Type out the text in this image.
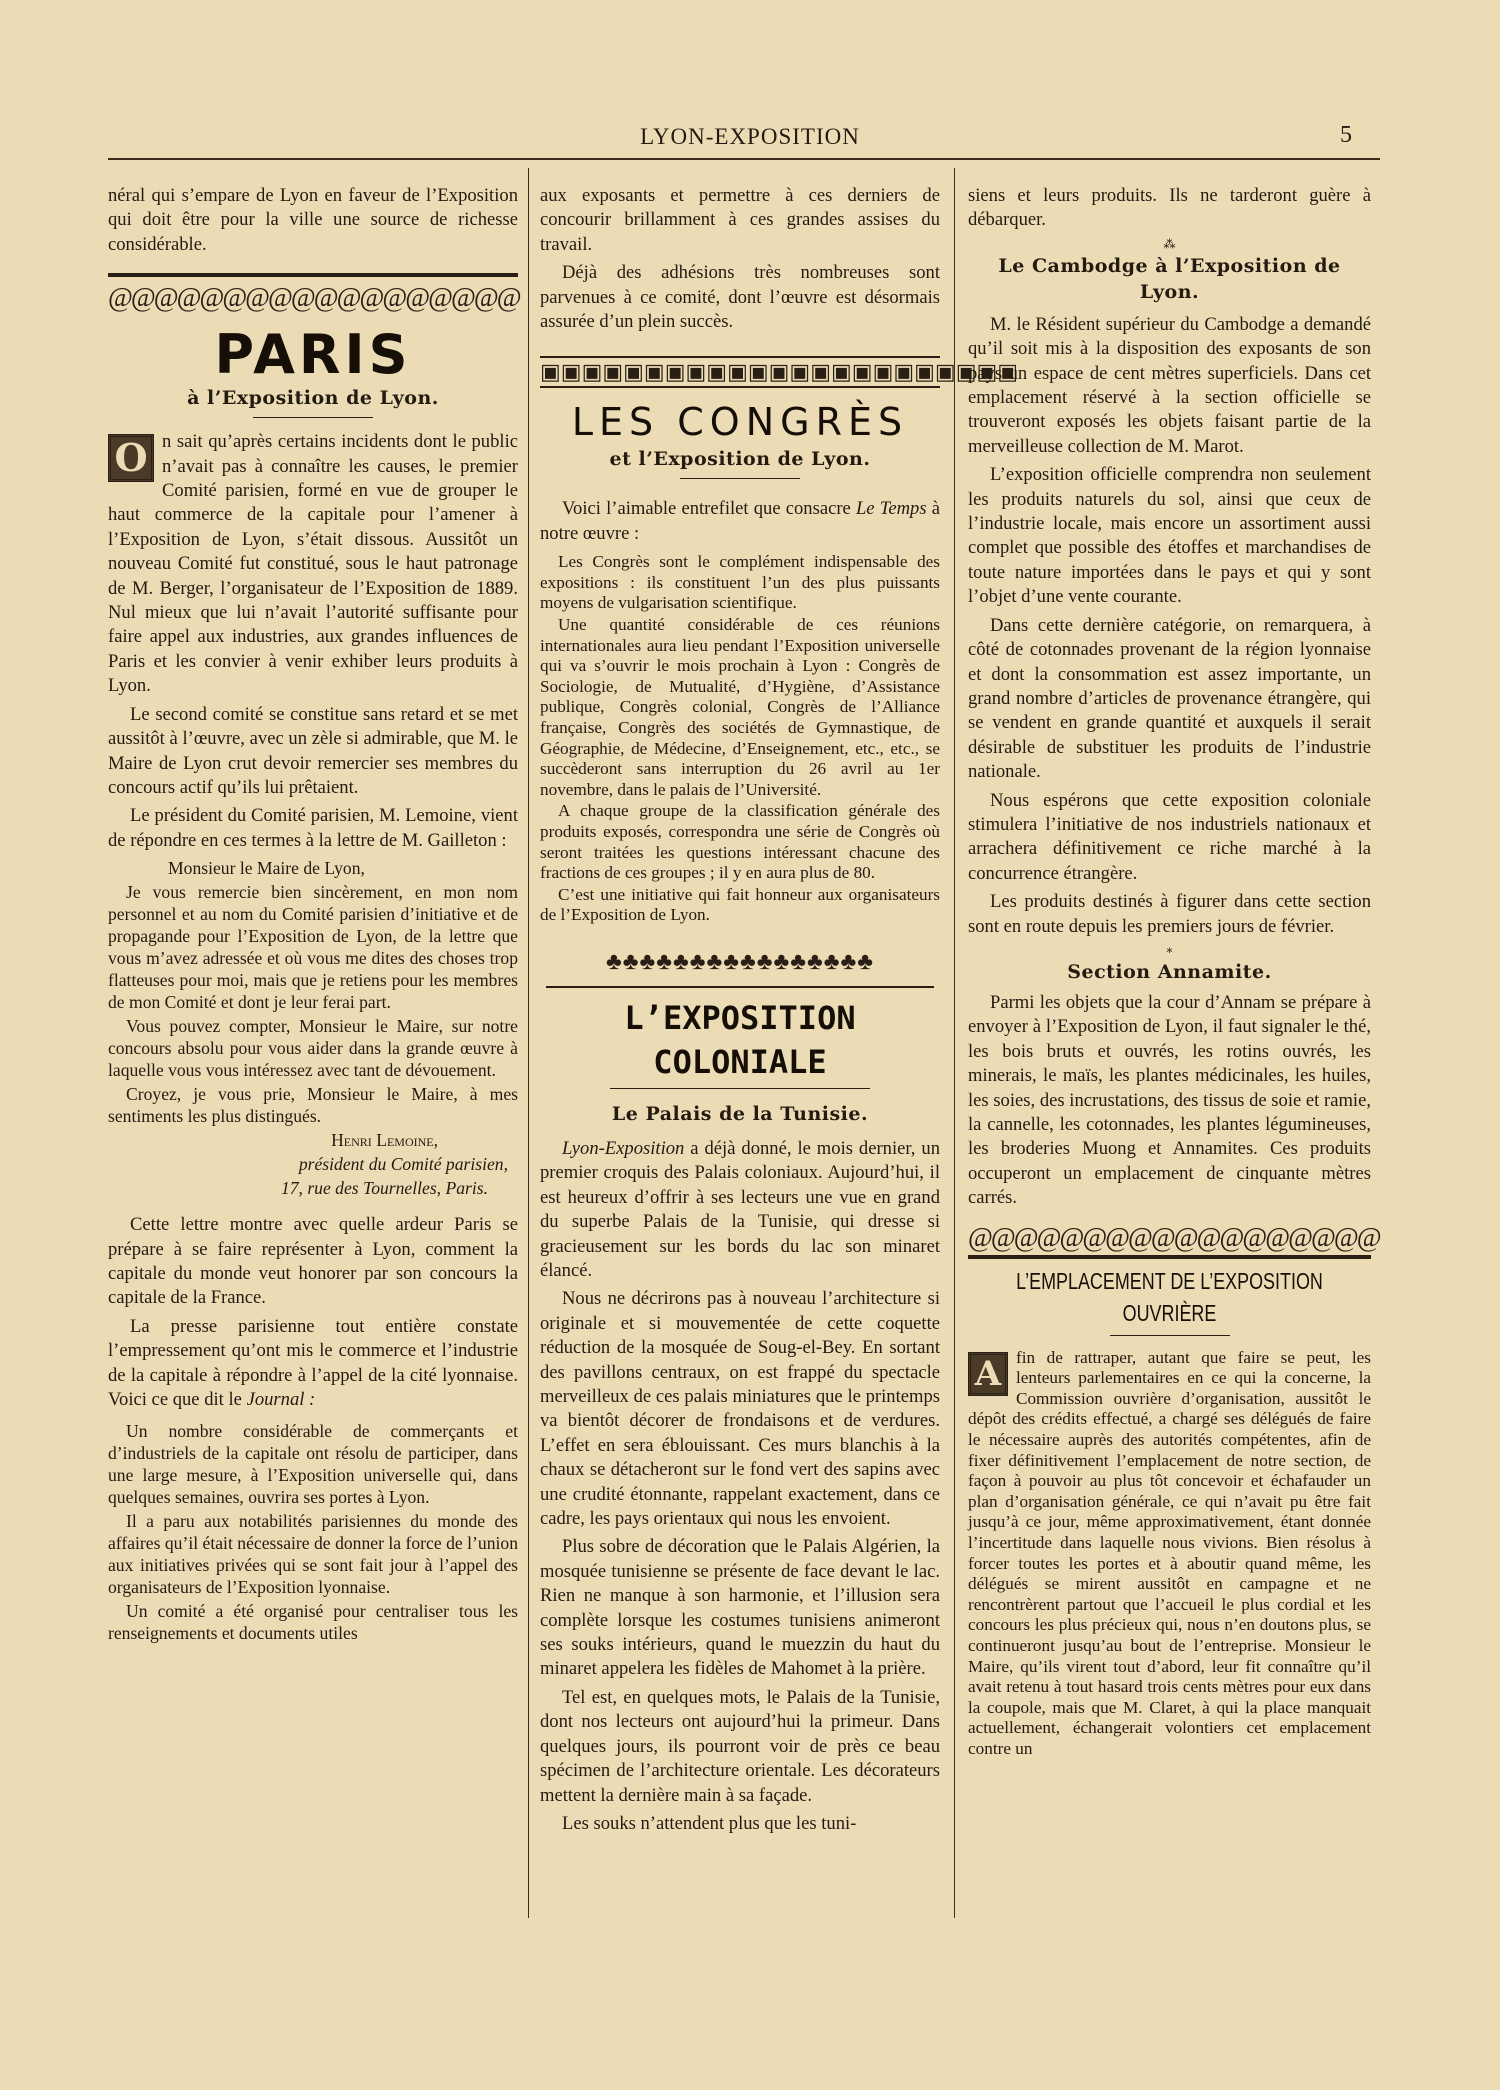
LYON-EXPOSITION	5

néral qui s’empare de Lyon en faveur de l’Exposition qui doit être pour la ville une source de richesse considérable.

@@@@@@@@@@@@@@@@@@
PARIS
à l’Exposition de Lyon.

O n sait qu’après certains incidents dont le public n’avait pas à connaître les causes, le premier Comité parisien, formé en vue de grouper le haut commerce de la capitale pour l’amener à l’Exposition de Lyon, s’était dissous. Aussitôt un nouveau Comité fut constitué, sous le haut patronage de M. Berger, l’organisateur de l’Exposition de 1889. Nul mieux que lui n’avait l’autorité suffisante pour faire appel aux industries, aux grandes influences de Paris et les convier à venir exhiber leurs produits à Lyon.

Le second comité se constitue sans retard et se met aussitôt à l’œuvre, avec un zèle si admirable, que M. le Maire de Lyon crut devoir remercier ses membres du concours actif qu’ils lui prêtaient.

Le président du Comité parisien, M. Lemoine, vient de répondre en ces termes à la lettre de M. Gailleton :

Monsieur le Maire de Lyon,

Je vous remercie bien sincèrement, en mon nom personnel et au nom du Comité parisien d’initiative et de propagande pour l’Exposition de Lyon, de la lettre que vous m’avez adressée et où vous me dites des choses trop flatteuses pour moi, mais que je retiens pour les membres de mon Comité et dont je leur ferai part.

Vous pouvez compter, Monsieur le Maire, sur notre concours absolu pour vous aider dans la grande œuvre à laquelle vous vous intéressez avec tant de dévouement.

Croyez, je vous prie, Monsieur le Maire, à mes sentiments les plus distingués.

Henri Lemoine,

président du Comité parisien,

17, rue des Tournelles, Paris.

Cette lettre montre avec quelle ardeur Paris se prépare à se faire représenter à Lyon, comment la capitale du monde veut honorer par son concours la capitale de la France.

La presse parisienne tout entière constate l’empressement qu’ont mis le commerce et l’industrie de la capitale à répondre à l’appel de la cité lyonnaise. Voici ce que dit le Journal :

Un nombre considérable de commerçants et d’industriels de la capitale ont résolu de participer, dans une large mesure, à l’Exposition universelle qui, dans quelques semaines, ouvrira ses portes à Lyon.

Il a paru aux notabilités parisiennes du monde des affaires qu’il était nécessaire de donner la force de l’union aux initiatives privées qui se sont fait jour à l’appel des organisateurs de l’Exposition lyonnaise.

Un comité a été organisé pour centraliser tous les renseignements et documents utiles

aux exposants et permettre à ces derniers de concourir brillamment à ces grandes assises du travail.

Déjà des adhésions très nombreuses sont parvenues à ce comité, dont l’œuvre est désormais assurée d’un plein succès.

▣▣▣▣▣▣▣▣▣▣▣▣▣▣▣▣▣▣▣▣▣▣▣
LES CONGRÈS
et l’Exposition de Lyon.

Voici l’aimable entrefilet que consacre Le Temps à notre œuvre :

Les Congrès sont le complément indispensable des expositions : ils constituent l’un des plus puissants moyens de vulgarisation scientifique.

Une quantité considérable de ces réunions internationales aura lieu pendant l’Exposition universelle qui va s’ouvrir le mois prochain à Lyon : Congrès de Sociologie, de Mutualité, d’Hygiène, d’Assistance publique, Congrès colonial, Congrès de l’Alliance française, Congrès des sociétés de Gymnastique, de Géographie, de Médecine, d’Enseignement, etc., etc., se succèderont sans interruption du 26 avril au 1er novembre, dans le palais de l’Université.

A chaque groupe de la classification générale des produits exposés, correspondra une série de Congrès où seront traitées les questions intéressant chacune des fractions de ces groupes ; il y en aura plus de 80.

C’est une initiative qui fait honneur aux organisateurs de l’Exposition de Lyon.

♣♣♣♣♣♣♣♣♣♣♣♣♣♣♣♣
L’EXPOSITION COLONIALE
Le Palais de la Tunisie.

Lyon-Exposition a déjà donné, le mois dernier, un premier croquis des Palais coloniaux. Aujourd’hui, il est heureux d’offrir à ses lecteurs une vue en grand du superbe Palais de la Tunisie, qui dresse si gracieusement sur les bords du lac son minaret élancé.

Nous ne décrirons pas à nouveau l’architecture si originale et si mouvementée de cette coquette réduction de la mosquée de Soug-el-Bey. En sortant des pavillons centraux, on est frappé du spectacle merveilleux de ces palais miniatures que le printemps va bientôt décorer de frondaisons et de verdures. L’effet en sera éblouissant. Ces murs blanchis à la chaux se détacheront sur le fond vert des sapins avec une crudité étonnante, rappelant exactement, dans ce cadre, les pays orientaux qui nous les envoient.

Plus sobre de décoration que le Palais Algérien, la mosquée tunisienne se présente de face devant le lac. Rien ne manque à son harmonie, et l’illusion sera complète lorsque les costumes tunisiens animeront ses souks intérieurs, quand le muezzin du haut du minaret appelera les fidèles de Mahomet à la prière.

Tel est, en quelques mots, le Palais de la Tunisie, dont nos lecteurs ont aujourd’hui la primeur. Dans quelques jours, ils pourront voir de près ce beau spécimen de l’architecture orientale. Les décorateurs mettent la dernière main à sa façade.

Les souks n’attendent plus que les tuni-

siens et leurs produits. Ils ne tarderont guère à débarquer.

⁂
Le Cambodge à l’Exposition de Lyon.

M. le Résident supérieur du Cambodge a demandé qu’il soit mis à la disposition des exposants de son pays un espace de cent mètres superficiels. Dans cet emplacement réservé à la section officielle se trouveront exposés les objets faisant partie de la merveilleuse collection de M. Marot.

L’exposition officielle comprendra non seulement les produits naturels du sol, ainsi que ceux de l’industrie locale, mais encore un assortiment aussi complet que possible des étoffes et marchandises de toute nature importées dans le pays et qui y sont l’objet d’une vente courante.

Dans cette dernière catégorie, on remarquera, à côté de cotonnades provenant de la région lyonnaise et dont la consommation est assez importante, un grand nombre d’articles de provenance étrangère, qui se vendent en grande quantité et auxquels il serait désirable de substituer les produits de l’industrie nationale.

Nous espérons que cette exposition coloniale stimulera l’initiative de nos industriels nationaux et arrachera définitivement ce riche marché à la concurrence étrangère.

Les produits destinés à figurer dans cette section sont en route depuis les premiers jours de février.

∗
Section Annamite.

Parmi les objets que la cour d’Annam se prépare à envoyer à l’Exposition de Lyon, il faut signaler le thé, les bois bruts et ouvrés, les rotins ouvrés, les minerais, le maïs, les plantes médicinales, les huiles, les soies, des incrustations, des tissus de soie et ramie, la cannelle, les cotonnades, les plantes légumineuses, les broderies Muong et Annamites. Ces produits occuperont un emplacement de cinquante mètres carrés.

@@@@@@@@@@@@@@@@@@
L’EMPLACEMENT DE L’EXPOSITION OUVRIÈRE

A fin de rattraper, autant que faire se peut, les lenteurs parlementaires en ce qui la concerne, la Commission ouvrière d’organisation, aussitôt le dépôt des crédits effectué, a chargé ses délégués de faire le nécessaire auprès des autorités compétentes, afin de fixer définitivement l’emplacement de notre section, de façon à pouvoir au plus tôt concevoir et échafauder un plan d’organisation générale, ce qui n’avait pu être fait jusqu’à ce jour, même approximativement, étant donnée l’incertitude dans laquelle nous vivions. Bien résolus à forcer toutes les portes et à aboutir quand même, les délégués se mirent aussitôt en campagne et ne rencontrèrent partout que l’accueil le plus cordial et les concours les plus précieux qui, nous n’en doutons plus, se continueront jusqu’au bout de l’entreprise. Monsieur le Maire, qu’ils virent tout d’abord, leur fit connaître qu’il avait retenu à tout hasard trois cents mètres pour eux dans la coupole, mais que M. Claret, à qui la place manquait actuellement, échangerait volontiers cet emplacement contre un
